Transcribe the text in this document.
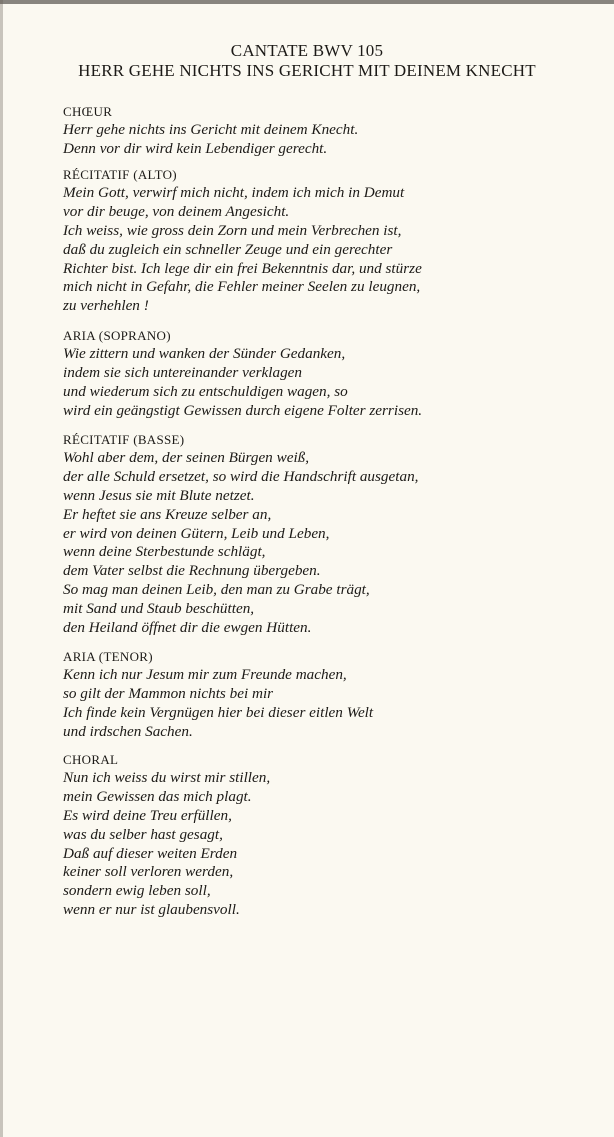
CANTATE BWV 105
HERR GEHE NICHTS INS GERICHT MIT DEINEM KNECHT
CHŒUR
Herr gehe nichts ins Gericht mit deinem Knecht.
Denn vor dir wird kein Lebendiger gerecht.
RÉCITATIF (ALTO)
Mein Gott, verwirf mich nicht, indem ich mich in Demut
vor dir beuge, von deinem Angesicht.
Ich weiss, wie gross dein Zorn und mein Verbrechen ist,
daß du zugleich ein schneller Zeuge und ein gerechter
Richter bist. Ich lege dir ein frei Bekenntnis dar, und stürze
mich nicht in Gefahr, die Fehler meiner Seelen zu leugnen,
zu verhehlen !
ARIA (SOPRANO)
Wie zittern und wanken der Sünder Gedanken,
indem sie sich untereinander verklagen
und wiederum sich zu entschuldigen wagen, so
wird ein geängstigt Gewissen durch eigene Folter zerrisen.
RÉCITATIF (BASSE)
Wohl aber dem, der seinen Bürgen weiß,
der alle Schuld ersetzet, so wird die Handschrift ausgetan,
wenn Jesus sie mit Blute netzet.
Er heftet sie ans Kreuze selber an,
er wird von deinen Gütern, Leib und Leben,
wenn deine Sterbestunde schlägt,
dem Vater selbst die Rechnung übergeben.
So mag man deinen Leib, den man zu Grabe trägt,
mit Sand und Staub beschütten,
den Heiland öffnet dir die ewgen Hütten.
ARIA (TENOR)
Kenn ich nur Jesum mir zum Freunde machen,
so gilt der Mammon nichts bei mir
Ich finde kein Vergnügen hier bei dieser eitlen Welt
und irdschen Sachen.
CHORAL
Nun ich weiss du wirst mir stillen,
mein Gewissen das mich plagt.
Es wird deine Treu erfüllen,
was du selber hast gesagt,
Daß auf dieser weiten Erden
keiner soll verloren werden,
sondern ewig leben soll,
wenn er nur ist glaubensvoll.
